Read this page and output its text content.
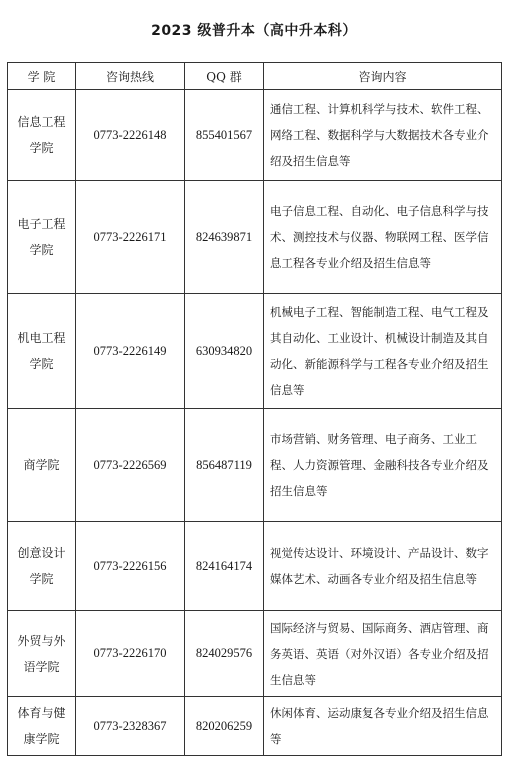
2023 级普升本（高中升本科）
学 院	咨询热线	QQ 群	咨询内容
信息工程学院	0773-2226148	855401567	通信工程、计算机科学与技术、软件工程、网络工程、数据科学与大数据技术各专业介绍及招生信息等
电子工程学院	0773-2226171	824639871	电子信息工程、自动化、电子信息科学与技术、测控技术与仪器、物联网工程、医学信息工程各专业介绍及招生信息等
机电工程学院	0773-2226149	630934820	机械电子工程、智能制造工程、电气工程及其自动化、工业设计、机械设计制造及其自动化、新能源科学与工程各专业介绍及招生信息等
商学院	0773-2226569	856487119	市场营销、财务管理、电子商务、工业工程、人力资源管理、金融科技各专业介绍及招生信息等
创意设计学院	0773-2226156	824164174	视觉传达设计、环境设计、产品设计、数字媒体艺术、动画各专业介绍及招生信息等
外贸与外语学院	0773-2226170	824029576	国际经济与贸易、国际商务、酒店管理、商务英语、英语（对外汉语）各专业介绍及招生信息等
体育与健康学院	0773-2328367	820206259	休闲体育、运动康复各专业介绍及招生信息等
